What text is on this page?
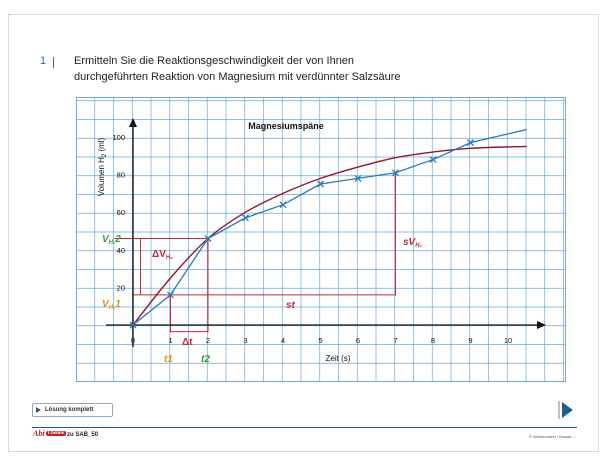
1	Ermitteln Sie die Reaktionsgeschwindigkeit der von Ihnen
durchgeführten Reaktion von Magnesium mit verdünnter Salzsäure
0	1	2	3	4	5	6	7	8	9	10
20
40
60
80
100
Magnesiumspäne
Zeit (s)
Volumen $H_2$ (ml)
$V_{H_2}2$
$V_{H_2}1$
$\Delta V_{H_2}$
$sV_{H_2}$
Δt
st
t1	t2
Lösung komplett
Abi Chemie zu SAB_50	© Westermann / Kaspar ...
